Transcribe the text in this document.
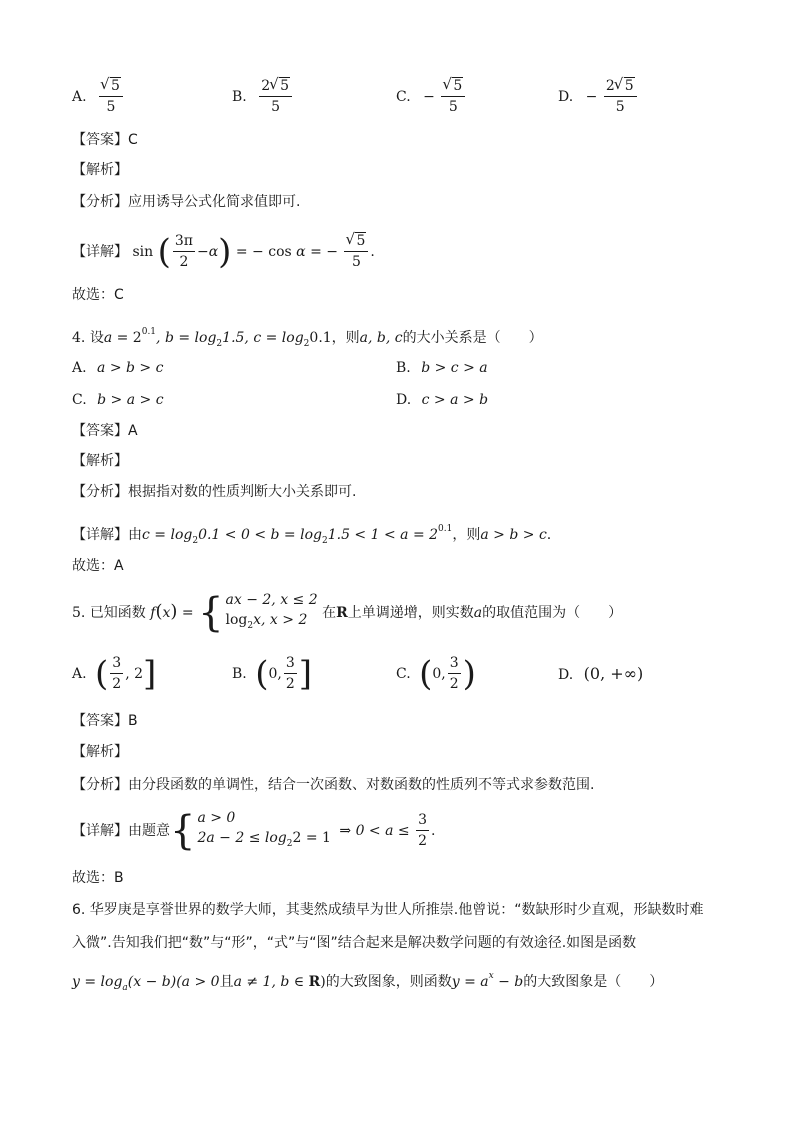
A. √ $\frac{5}{5}$	B. $\frac{2 √ 5}{5}$	C. − √ $\frac{5}{5}$	D. − $\frac{2 √ 5}{5}$
【答案】C
【解析】
【分析】应用诱导公式化简求值即可.
【详解】 sin ( $\frac{3\pi}{2} -\alpha$) = − cos α = − √ $\frac{5}{5}$ .
故选：C
4. 设$a = 2^{0.1}$, $b = \log_21.5$, $c = \log_20.1$，则a, b, c的大小关系是（　　）
A. a > b > c	B. b > c > a
C. b > a > c	D. c > a > b
【答案】A
【解析】
【分析】根据指对数的性质判断大小关系即可.
【详解】由$c = \log_20.1 < 0 < b = \log_21.5 < 1 < a = 2^{0.1}$，则a > b > c.
故选：A
5. 已知函数 f(x) = { ax − 2, x ≤ 2
$\log_2x$, x > 2	在R上单调递增，则实数a的取值范围为（　　）
A. ( $\frac{3}{2}$ , 2]	B. (0, $\frac{3}{2}$ ]	C. (0, $\frac{3}{2}$ )	D. (0, +∞)
【答案】B
【解析】
【分析】由分段函数的单调性，结合一次函数、对数函数的性质列不等式求参数范围.
【详解】由题意{ a > 0
$2a - 2 \le \log_22 = 1$ ⇒ $0 < a \le \frac{3}{2}$ .
故选：B
6. 华罗庚是享誉世界的数学大师，其斐然成绩早为世人所推崇.他曾说：“数缺形时少直观，形缺数时难
入微”.告知我们把“数”与“形”，“式”与“图”结合起来是解决数学问题的有效途径.如图是函数
$y = \log_a(x - b)(a > 0$且a ≠ 1, b ∈ R)的大致图象，则函数$y = a^x - b$的大致图象是（　　）
